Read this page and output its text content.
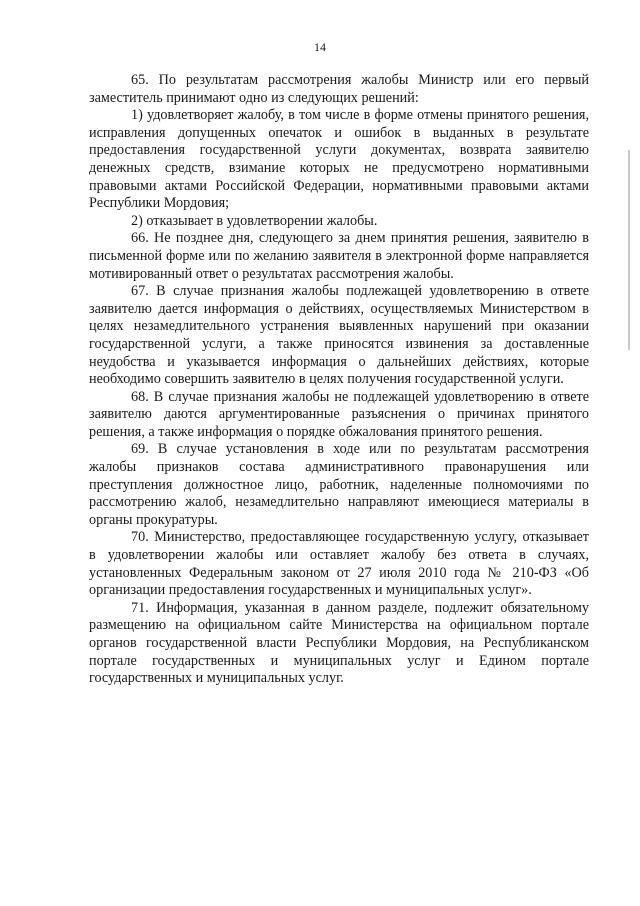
14

65. По результатам рассмотрения жалобы Министр или его первый заместитель принимают одно из следующих решений:

1) удовлетворяет жалобу, в том числе в форме отмены принятого решения, исправления допущенных опечаток и ошибок в выданных в результате предоставления государственной услуги документах, возврата заявителю денежных средств, взимание которых не предусмотрено нормативными правовыми актами Российской Федерации, нормативными правовыми актами Республики Мордовия;

2) отказывает в удовлетворении жалобы.

66. Не позднее дня, следующего за днем принятия решения, заявителю в письменной форме или по желанию заявителя в электронной форме направляется мотивированный ответ о результатах рассмотрения жалобы.

67. В случае признания жалобы подлежащей удовлетворению в ответе заявителю дается информация о действиях, осуществляемых Министерством в целях незамедлительного устранения выявленных нарушений при оказании государственной услуги, а также приносятся извинения за доставленные неудобства и указывается информация о дальнейших действиях, которые необходимо совершить заявителю в целях получения государственной услуги.

68. В случае признания жалобы не подлежащей удовлетворению в ответе заявителю даются аргументированные разъяснения о причинах принятого решения, а также информация о порядке обжалования принятого решения.

69. В случае установления в ходе или по результатам рассмотрения жалобы признаков состава административного правонарушения или преступления должностное лицо, работник, наделенные полномочиями по рассмотрению жалоб, незамедлительно направляют имеющиеся материалы в органы прокуратуры.

70. Министерство, предоставляющее государственную услугу, отказывает в удовлетворении жалобы или оставляет жалобу без ответа в случаях, установленных Федеральным законом от 27 июля 2010 года № 210-ФЗ «Об организации предоставления государственных и муниципальных услуг».

71. Информация, указанная в данном разделе, подлежит обязательному размещению на официальном сайте Министерства на официальном портале органов государственной власти Республики Мордовия, на Республиканском портале государственных и муниципальных услуг и Едином портале государственных и муниципальных услуг.
